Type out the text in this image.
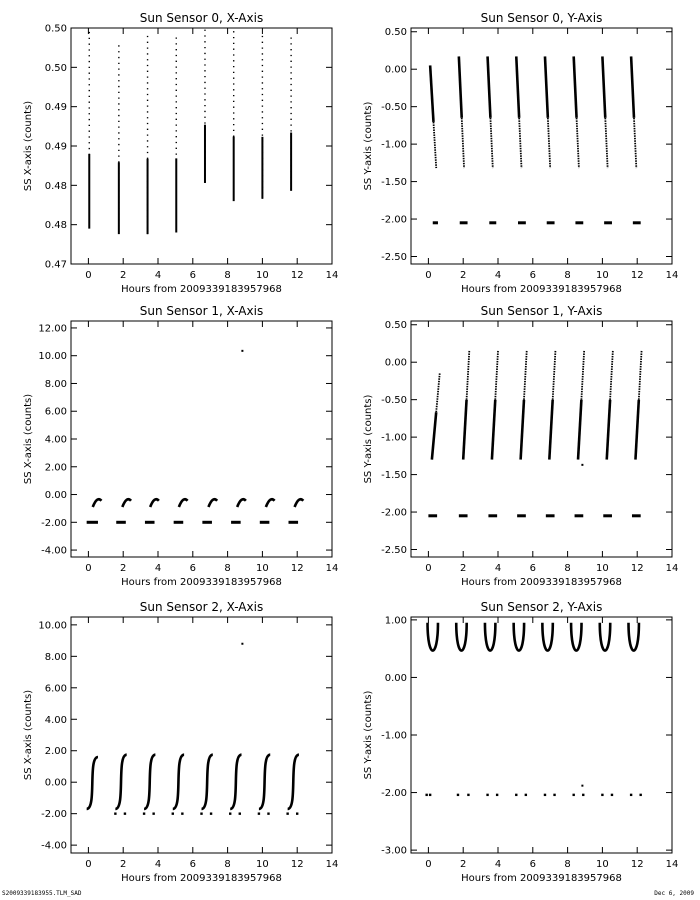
Sun Sensor 0, X-Axis
Hours from 2009339183957968
SS X-axis (counts)
0	2	4	6	8	10 12 14
0.47
0.48
0.48
0.49
0.49
0.50
0.50
Sun Sensor 0, Y-Axis
Hours from 2009339183957968
SS Y-axis (counts)
0	2	4	6	8	10 12 14
-2.50
-2.00
-1.50
-1.00
-0.50
0.00
0.50
Sun Sensor 1, X-Axis
Hours from 2009339183957968
SS X-axis (counts)
0	2	4	6	8	10 12 14
-4.00
-2.00
0.00
2.00
4.00
6.00
8.00
10.00
12.00
Sun Sensor 1, Y-Axis
Hours from 2009339183957968
SS Y-axis (counts)
0	2	4	6	8	10 12 14
-2.50
-2.00
-1.50
-1.00
-0.50
0.00
0.50
Sun Sensor 2, X-Axis
Hours from 2009339183957968
SS X-axis (counts)
0	2	4	6	8	10 12 14
-4.00
-2.00
0.00
2.00
4.00
6.00
8.00
10.00
Sun Sensor 2, Y-Axis
Hours from 2009339183957968
SS Y-axis (counts)
0	2	4	6	8	10 12 14
-3.00
-2.00
-1.00
0.00
1.00
S2009339183955.TLM_SAD	Dec 6, 2009
